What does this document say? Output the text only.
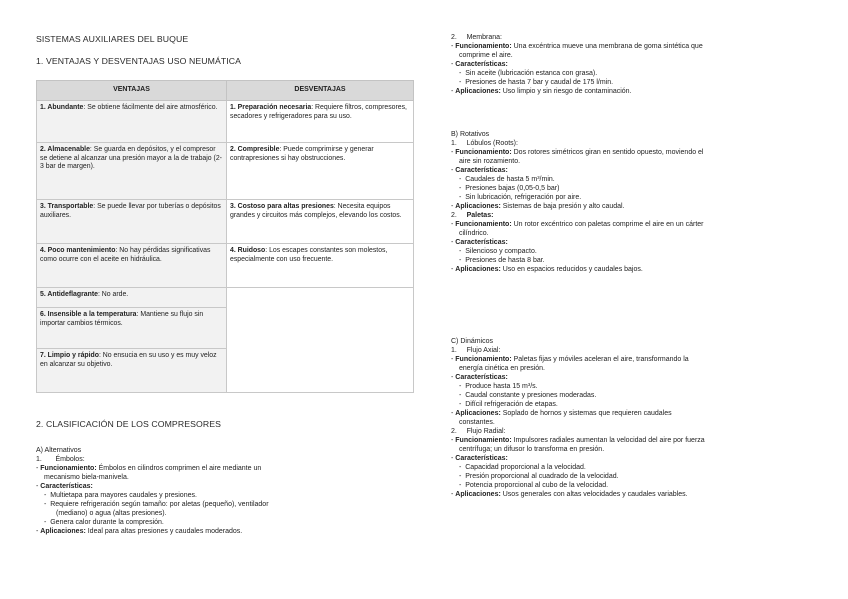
SISTEMAS AUXILIARES DEL BUQUE
1. VENTAJAS Y DESVENTAJAS USO NEUMÁTICA
VENTAJAS	DESVENTAJAS
1. Abundante: Se obtiene fácilmente del aire atmosférico.	1. Preparación necesaria: Requiere filtros, compresores, secadores y refrigeradores para su uso.
2. Almacenable: Se guarda en depósitos, y el compresor se detiene al alcanzar una presión mayor a la de trabajo (2-3 bar de margen).	2. Compresible: Puede comprimirse y generar contrapresiones si hay obstrucciones.
3. Transportable: Se puede llevar por tuberías o depósitos auxiliares.	3. Costoso para altas presiones: Necesita equipos grandes y circuitos más complejos, elevando los costos.
4. Poco mantenimiento: No hay pérdidas significativas como ocurre con el aceite en hidráulica.	4. Ruidoso: Los escapes constantes son molestos, especialmente con uso frecuente.
5. Antideflagrante: No arde.	
6. Insensible a la temperatura: Mantiene su flujo sin importar cambios térmicos.	
7. Limpio y rápido: No ensucia en su uso y es muy veloz en alcanzar su objetivo.	
2. CLASIFICACIÓN DE LOS COMPRESORES
A) Alternativos
1. Émbolos:
- Funcionamiento: Émbolos en cilindros comprimen el aire mediante un
mecanismo biela-manivela.
- Características:
-  Multietapa para mayores caudales y presiones.
-  Requiere refrigeración según tamaño: por aletas (pequeño), ventilador
(mediano) o agua (altas presiones).
-  Genera calor durante la compresión.
- Aplicaciones: Ideal para altas presiones y caudales moderados.
2. Membrana:
- Funcionamiento: Una excéntrica mueve una membrana de goma sintética que
comprime el aire.
- Características:
-  Sin aceite (lubricación estanca con grasa).
-  Presiones de hasta 7 bar y caudal de 175 l/min.
- Aplicaciones: Uso limpio y sin riesgo de contaminación.
B) Rotativos
1. Lóbulos (Roots):
- Funcionamiento: Dos rotores simétricos giran en sentido opuesto, moviendo el
aire sin rozamiento.
- Características:
-  Caudales de hasta 5 m³/min.
-  Presiones bajas (0,05-0,5 bar)
-  Sin lubricación, refrigeración por aire.
- Aplicaciones: Sistemas de baja presión y alto caudal.
2. Paletas:
- Funcionamiento: Un rotor excéntrico con paletas comprime el aire en un cárter
cilíndrico.
- Características:
-  Silencioso y compacto.
-  Presiones de hasta 8 bar.
- Aplicaciones: Uso en espacios reducidos y caudales bajos.
C) Dinámicos
1. Flujo Axial:
- Funcionamiento: Paletas fijas y móviles aceleran el aire, transformando la
energía cinética en presión.
- Características:
-  Produce hasta 15 m³/s.
-  Caudal constante y presiones moderadas.
-  Difícil refrigeración de etapas.
- Aplicaciones: Soplado de hornos y sistemas que requieren caudales
constantes.
2. Flujo Radial:
- Funcionamiento: Impulsores radiales aumentan la velocidad del aire por fuerza
centrífuga; un difusor lo transforma en presión.
- Características:
-  Capacidad proporcional a la velocidad.
-  Presión proporcional al cuadrado de la velocidad.
-  Potencia proporcional al cubo de la velocidad.
- Aplicaciones: Usos generales con altas velocidades y caudales variables.
